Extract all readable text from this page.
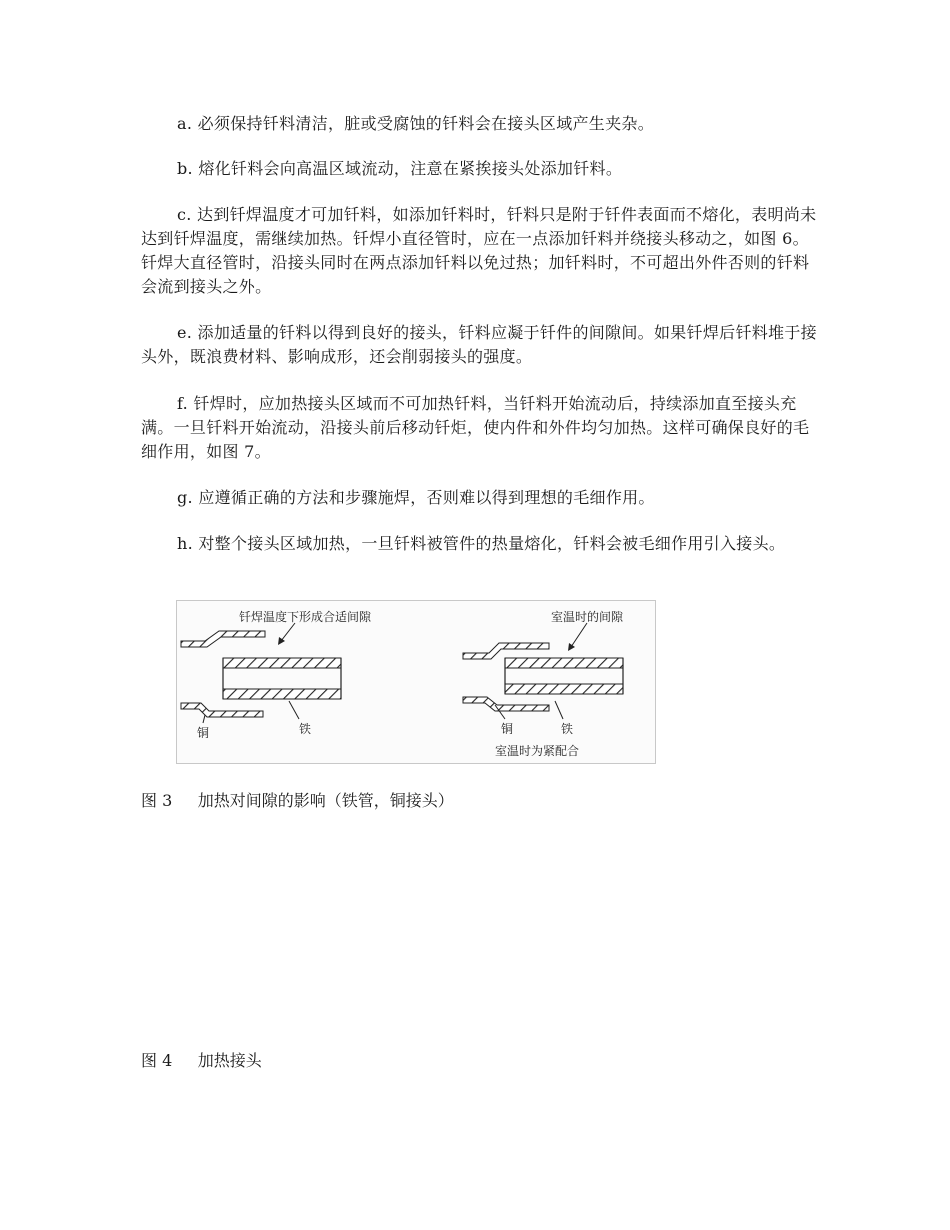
a. 必须保持钎料清洁，脏或受腐蚀的钎料会在接头区域产生夹杂。

b. 熔化钎料会向高温区域流动，注意在紧挨接头处添加钎料。

c. 达到钎焊温度才可加钎料，如添加钎料时，钎料只是附于钎件表面而不熔化，表明尚未达到钎焊温度，需继续加热。钎焊小直径管时，应在一点添加钎料并绕接头移动之，如图 6。钎焊大直径管时，沿接头同时在两点添加钎料以免过热；加钎料时，不可超出外件否则的钎料会流到接头之外。

e. 添加适量的钎料以得到良好的接头，钎料应凝于钎件的间隙间。如果钎焊后钎料堆于接头外，既浪费材料、影响成形，还会削弱接头的强度。

f. 钎焊时，应加热接头区域而不可加热钎料，当钎料开始流动后，持续添加直至接头充满。一旦钎料开始流动，沿接头前后移动钎炬，使内件和外件均匀加热。这样可确保良好的毛细作用，如图 7。

g. 应遵循正确的方法和步骤施焊，否则难以得到理想的毛细作用。

h. 对整个接头区域加热，一旦钎料被管件的热量熔化，钎料会被毛细作用引入接头。

钎焊温度下形成合适间隙
铜	铁
室温时的间隙
铜	铁
室温时为紧配合
图 3 加热对间隙的影响（铁管，铜接头）
图 4 加热接头
